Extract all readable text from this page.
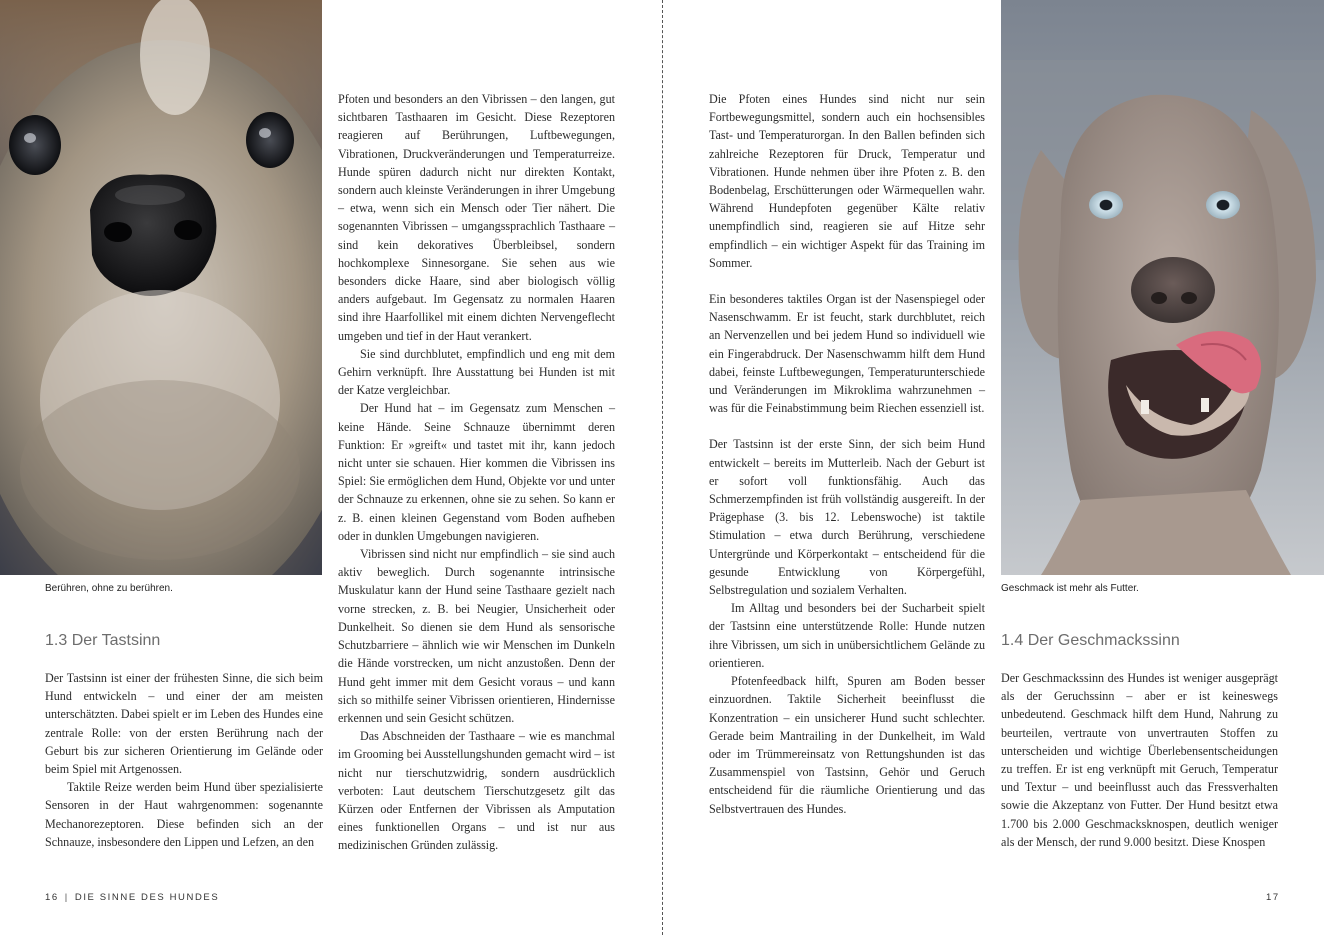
Berühren, ohne zu berühren.
1.3 Der Tastsinn

Der Tastsinn ist einer der frühesten Sinne, die sich beim Hund entwickeln – und einer der am meisten unterschätzten. Dabei spielt er im Leben des Hundes eine zentrale Rolle: von der ersten Berührung nach der Geburt bis zur sicheren Orientierung im Gelände oder beim Spiel mit Artgenossen.

Taktile Reize werden beim Hund über spezialisierte Sensoren in der Haut wahrgenommen: sogenannte Mechanorezeptoren. Diese befinden sich an der Schnauze, insbesondere den Lippen und Lefzen, an den

Pfoten und besonders an den Vibrissen – den langen, gut sichtbaren Tasthaaren im Gesicht. Diese Rezeptoren reagieren auf Berührungen, Luftbewegungen, Vibrationen, Druckveränderungen und Temperaturreize. Hunde spüren dadurch nicht nur direkten Kontakt, sondern auch kleinste Veränderungen in ihrer Umgebung – etwa, wenn sich ein Mensch oder Tier nähert. Die sogenannten Vibrissen – umgangssprachlich Tasthaare – sind kein dekoratives Überbleibsel, sondern hochkomplexe Sinnesorgane. Sie sehen aus wie besonders dicke Haare, sind aber biologisch völlig anders aufgebaut. Im Gegensatz zu normalen Haaren sind ihre Haarfollikel mit einem dichten Nervengeflecht umgeben und tief in der Haut verankert.

Sie sind durchblutet, empfindlich und eng mit dem Gehirn verknüpft. Ihre Ausstattung bei Hunden ist mit der Katze vergleichbar.

Der Hund hat – im Gegensatz zum Menschen – keine Hände. Seine Schnauze übernimmt deren Funktion: Er »greift« und tastet mit ihr, kann jedoch nicht unter sie schauen. Hier kommen die Vibrissen ins Spiel: Sie ermöglichen dem Hund, Objekte vor und unter der Schnauze zu erkennen, ohne sie zu sehen. So kann er z. B. einen kleinen Gegenstand vom Boden aufheben oder in dunklen Umgebungen navigieren.

Vibrissen sind nicht nur empfindlich – sie sind auch aktiv beweglich. Durch sogenannte intrinsische Muskulatur kann der Hund seine Tasthaare gezielt nach vorne strecken, z. B. bei Neugier, Unsicherheit oder Dunkelheit. So dienen sie dem Hund als sensorische Schutzbarriere – ähnlich wie wir Menschen im Dunkeln die Hände vorstrecken, um nicht anzustoßen. Denn der Hund geht immer mit dem Gesicht voraus – und kann sich so mithilfe seiner Vibrissen orientieren, Hindernisse erkennen und sein Gesicht schützen.

Das Abschneiden der Tasthaare – wie es manchmal im Grooming bei Ausstellungshunden gemacht wird – ist nicht nur tierschutzwidrig, sondern ausdrücklich verboten: Laut deutschem Tierschutzgesetz gilt das Kürzen oder Entfernen der Vibrissen als Amputation eines funktionellen Organs – und ist nur aus medizinischen Gründen zulässig.

16 | DIE SINNE DES HUNDES

Die Pfoten eines Hundes sind nicht nur sein Fortbewegungsmittel, sondern auch ein hochsensibles Tast- und Temperaturorgan. In den Ballen befinden sich zahlreiche Rezeptoren für Druck, Temperatur und Vibrationen. Hunde nehmen über ihre Pfoten z. B. den Bodenbelag, Erschütterungen oder Wärmequellen wahr. Während Hundepfoten gegenüber Kälte relativ unempfindlich sind, reagieren sie auf Hitze sehr empfindlich – ein wichtiger Aspekt für das Training im Sommer.

Ein besonderes taktiles Organ ist der Nasenspiegel oder Nasenschwamm. Er ist feucht, stark durchblutet, reich an Nervenzellen und bei jedem Hund so individuell wie ein Fingerabdruck. Der Nasenschwamm hilft dem Hund dabei, feinste Luftbewegungen, Temperaturunterschiede und Veränderungen im Mikroklima wahrzunehmen – was für die Feinabstimmung beim Riechen essenziell ist.

Der Tastsinn ist der erste Sinn, der sich beim Hund entwickelt – bereits im Mutterleib. Nach der Geburt ist er sofort voll funktionsfähig. Auch das Schmerzempfinden ist früh vollständig ausgereift. In der Prägephase (3. bis 12. Lebenswoche) ist taktile Stimulation – etwa durch Berührung, verschiedene Untergründe und Körperkontakt – entscheidend für die gesunde Entwicklung von Körpergefühl, Selbstregulation und sozialem Verhalten.

Im Alltag und besonders bei der Sucharbeit spielt der Tastsinn eine unterstützende Rolle: Hunde nutzen ihre Vibrissen, um sich in unübersichtlichem Gelände zu orientieren.

Pfotenfeedback hilft, Spuren am Boden besser einzuordnen. Taktile Sicherheit beeinflusst die Konzentration – ein unsicherer Hund sucht schlechter. Gerade beim Mantrailing in der Dunkelheit, im Wald oder im Trümmereinsatz von Rettungshunden ist das Zusammenspiel von Tastsinn, Gehör und Geruch entscheidend für die räumliche Orientierung und das Selbstvertrauen des Hundes.

Geschmack ist mehr als Futter.
1.4 Der Geschmackssinn

Der Geschmackssinn des Hundes ist weniger ausgeprägt als der Geruchssinn – aber er ist keineswegs unbedeutend. Geschmack hilft dem Hund, Nahrung zu beurteilen, vertraute von unvertrauten Stoffen zu unterscheiden und wichtige Überlebensentscheidungen zu treffen. Er ist eng verknüpft mit Geruch, Temperatur und Textur – und beeinflusst auch das Fressverhalten sowie die Akzeptanz von Futter. Der Hund besitzt etwa 1.700 bis 2.000 Geschmacksknospen, deutlich weniger als der Mensch, der rund 9.000 besitzt. Diese Knospen

17
